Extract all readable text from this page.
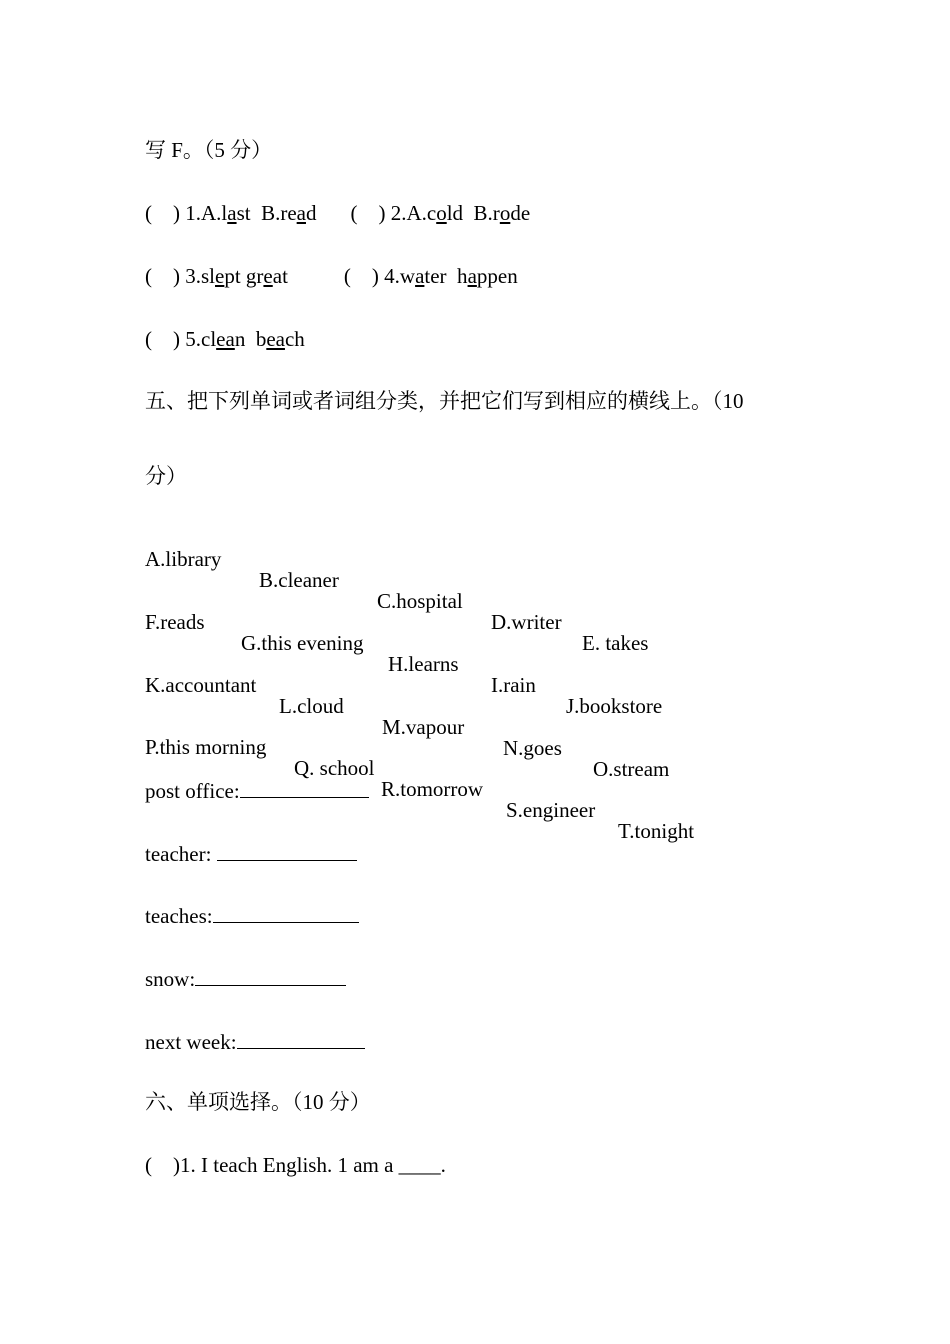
写 F。（5 分）
(    ) 1.A.last  B.read (    ) 2.A.cold  B.rode
(    ) 3.slept great	(    ) 4.water  happen
(    ) 5.clean  beach
五、把下列单词或者词组分类，并把它们写到相应的横线上。（10
分）

A.library

B.cleaner

C.hospital

D.writer

E. takes

F.reads

G.this evening

H.learns

I.rain

J.bookstore

K.accountant

L.cloud

M.vapour

N.goes

O.stream

P.this morning

Q. school

R.tomorrow

S.engineer

T.tonight

post office:
teacher:
teaches:
snow:
next week:
六、单项选择。（10 分）
(    )1. I teach English. 1 am a ____.
